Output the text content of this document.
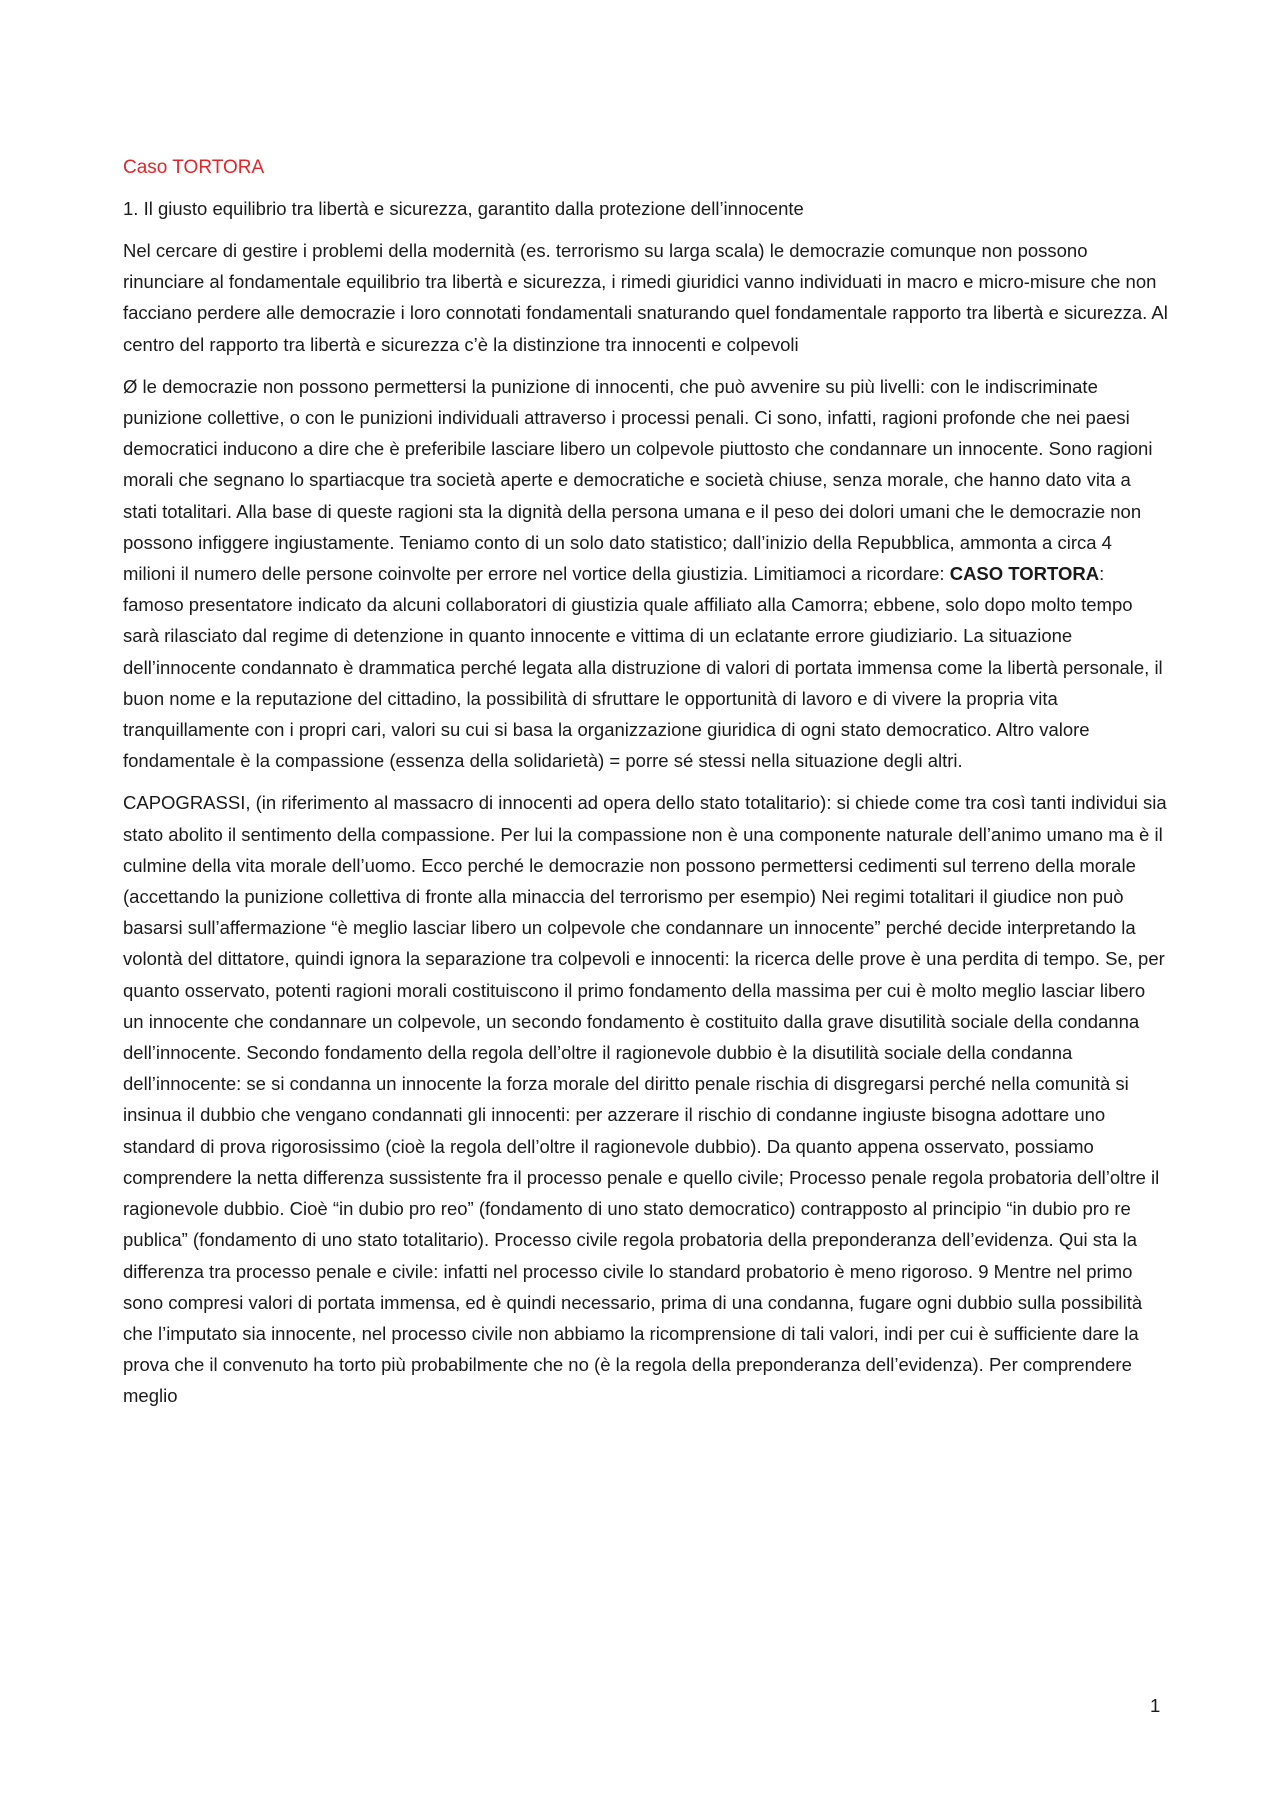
Caso TORTORA

1. Il giusto equilibrio tra libertà e sicurezza, garantito dalla protezione dell’innocente

Nel cercare di gestire i problemi della modernità (es. terrorismo su larga scala) le democrazie comunque non possono rinunciare al fondamentale equilibrio tra libertà e sicurezza, i rimedi giuridici vanno individuati in macro e micro-misure che non facciano perdere alle democrazie i loro connotati fondamentali snaturando quel fondamentale rapporto tra libertà e sicurezza. Al centro del rapporto tra libertà e sicurezza c’è la distinzione tra innocenti e colpevoli

Ø le democrazie non possono permettersi la punizione di innocenti, che può avvenire su più livelli: con le indiscriminate punizione collettive, o con le punizioni individuali attraverso i processi penali. Ci sono, infatti, ragioni profonde che nei paesi democratici inducono a dire che è preferibile lasciare libero un colpevole piuttosto che condannare un innocente. Sono ragioni morali che segnano lo spartiacque tra società aperte e democratiche e società chiuse, senza morale, che hanno dato vita a stati totalitari. Alla base di queste ragioni sta la dignità della persona umana e il peso dei dolori umani che le democrazie non possono infiggere ingiustamente. Teniamo conto di un solo dato statistico; dall’inizio della Repubblica, ammonta a circa 4 milioni il numero delle persone coinvolte per errore nel vortice della giustizia. Limitiamoci a ricordare: CASO TORTORA: famoso presentatore indicato da alcuni collaboratori di giustizia quale affiliato alla Camorra; ebbene, solo dopo molto tempo sarà rilasciato dal regime di detenzione in quanto innocente e vittima di un eclatante errore giudiziario. La situazione dell’innocente condannato è drammatica perché legata alla distruzione di valori di portata immensa come la libertà personale, il buon nome e la reputazione del cittadino, la possibilità di sfruttare le opportunità di lavoro e di vivere la propria vita tranquillamente con i propri cari, valori su cui si basa la organizzazione giuridica di ogni stato democratico. Altro valore fondamentale è la compassione (essenza della solidarietà) = porre sé stessi nella situazione degli altri.

CAPOGRASSI, (in riferimento al massacro di innocenti ad opera dello stato totalitario): si chiede come tra così tanti individui sia stato abolito il sentimento della compassione. Per lui la compassione non è una componente naturale dell’animo umano ma è il culmine della vita morale dell’uomo. Ecco perché le democrazie non possono permettersi cedimenti sul terreno della morale (accettando la punizione collettiva di fronte alla minaccia del terrorismo per esempio) Nei regimi totalitari il giudice non può basarsi sull’affermazione “è meglio lasciar libero un colpevole che condannare un innocente” perché decide interpretando la volontà del dittatore, quindi ignora la separazione tra colpevoli e innocenti: la ricerca delle prove è una perdita di tempo. Se, per quanto osservato, potenti ragioni morali costituiscono il primo fondamento della massima per cui è molto meglio lasciar libero un innocente che condannare un colpevole, un secondo fondamento è costituito dalla grave disutilità sociale della condanna dell’innocente. Secondo fondamento della regola dell’oltre il ragionevole dubbio è la disutilità sociale della condanna dell’innocente: se si condanna un innocente la forza morale del diritto penale rischia di disgregarsi perché nella comunità si insinua il dubbio che vengano condannati gli innocenti: per azzerare il rischio di condanne ingiuste bisogna adottare uno standard di prova rigorosissimo (cioè la regola dell’oltre il ragionevole dubbio). Da quanto appena osservato, possiamo comprendere la netta differenza sussistente fra il processo penale e quello civile; Processo penale regola probatoria dell’oltre il ragionevole dubbio. Cioè “in dubio pro reo” (fondamento di uno stato democratico) contrapposto al principio “in dubio pro re publica” (fondamento di uno stato totalitario). Processo civile regola probatoria della preponderanza dell’evidenza. Qui sta la differenza tra processo penale e civile: infatti nel processo civile lo standard probatorio è meno rigoroso. 9 Mentre nel primo sono compresi valori di portata immensa, ed è quindi necessario, prima di una condanna, fugare ogni dubbio sulla possibilità che l’imputato sia innocente, nel processo civile non abbiamo la ricomprensione di tali valori, indi per cui è sufficiente dare la prova che il convenuto ha torto più probabilmente che no (è la regola della preponderanza dell’evidenza). Per comprendere meglio

1
